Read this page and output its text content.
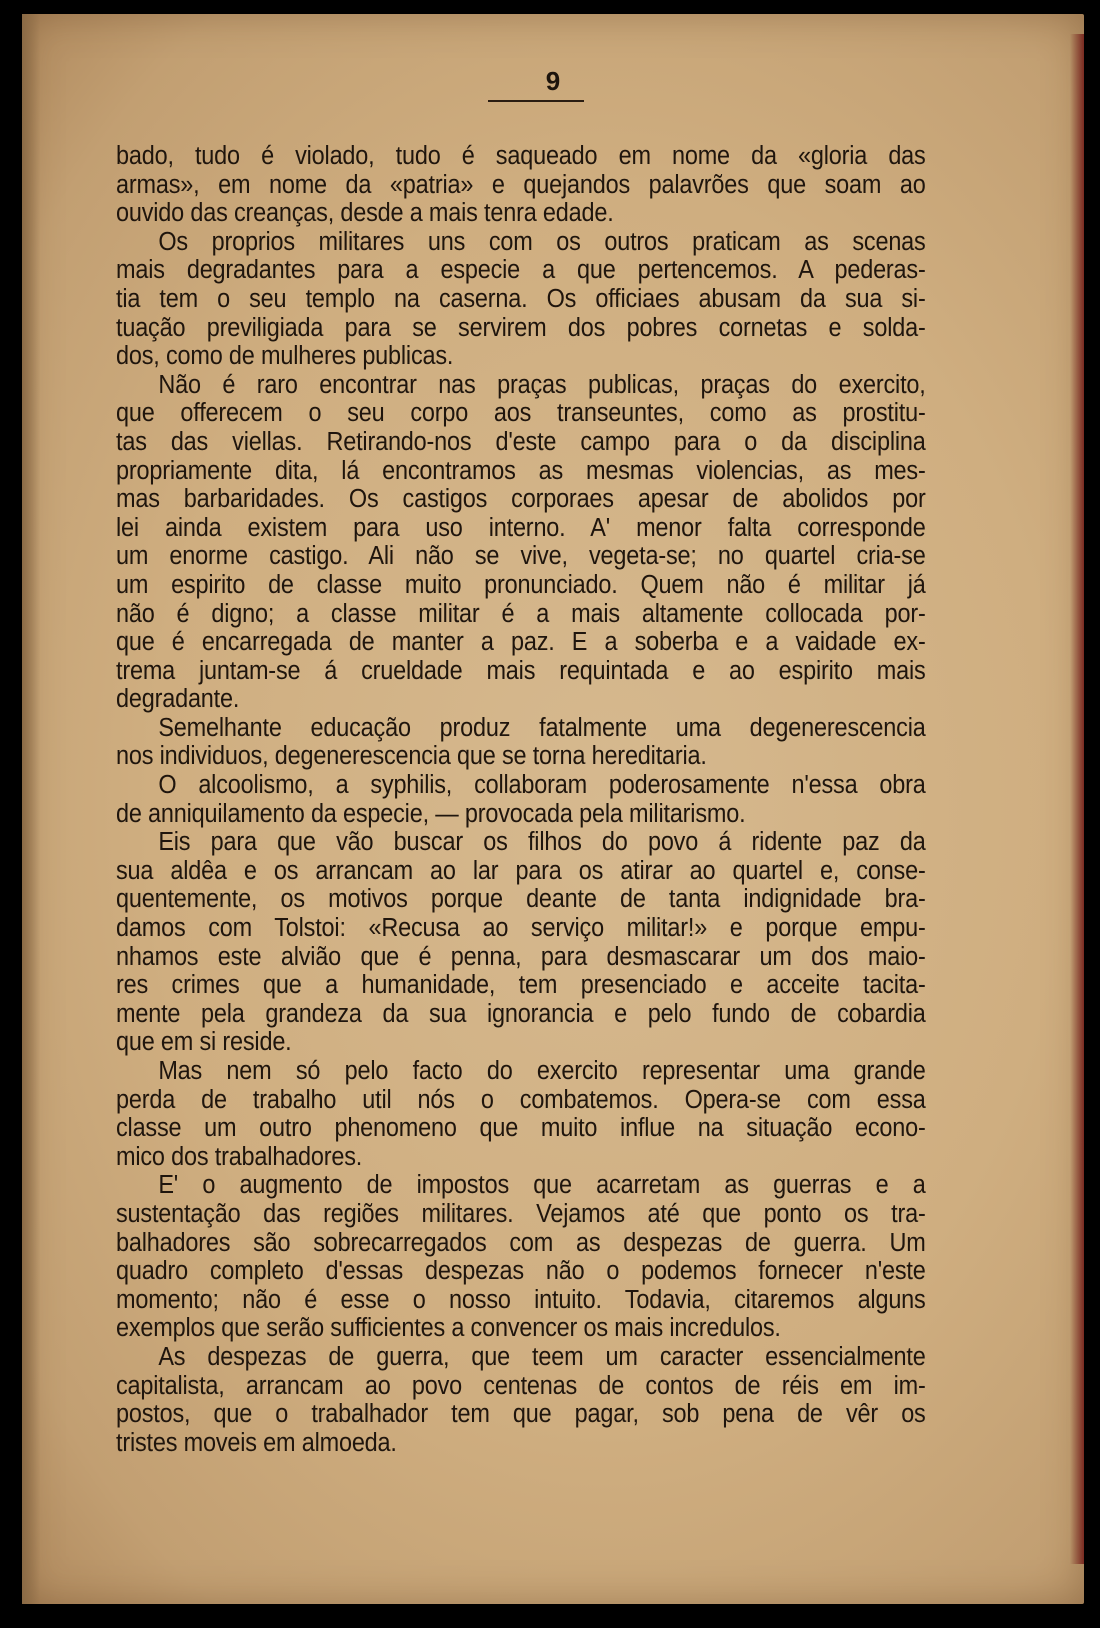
9
bado, tudo é violado, tudo é saqueado em nome da «gloria das
armas», em nome da «patria» e quejandos palavrões que soam ao
ouvido das creanças, desde a mais tenra edade.
Os proprios militares uns com os outros praticam as scenas
mais degradantes para a especie a que pertencemos. A pederas-
tia tem o seu templo na caserna. Os officiaes abusam da sua si-
tuação previligiada para se servirem dos pobres cornetas e solda-
dos, como de mulheres publicas.
Não é raro encontrar nas praças publicas, praças do exercito,
que offerecem o seu corpo aos transeuntes, como as prostitu-
tas das viellas. Retirando-nos d'este campo para o da disciplina
propriamente dita, lá encontramos as mesmas violencias, as mes-
mas barbaridades. Os castigos corporaes apesar de abolidos por
lei ainda existem para uso interno. A' menor falta corresponde
um enorme castigo. Ali não se vive, vegeta-se; no quartel cria-se
um espirito de classe muito pronunciado. Quem não é militar já
não é digno; a classe militar é a mais altamente collocada por-
que é encarregada de manter a paz. E a soberba e a vaidade ex-
trema juntam-se á crueldade mais requintada e ao espirito mais
degradante.
Semelhante educação produz fatalmente uma degenerescencia
nos individuos, degenerescencia que se torna hereditaria.
O alcoolismo, a syphilis, collaboram poderosamente n'essa obra
de anniquilamento da especie, — provocada pela militarismo.
Eis para que vão buscar os filhos do povo á ridente paz da
sua aldêa e os arrancam ao lar para os atirar ao quartel e, conse-
quentemente, os motivos porque deante de tanta indignidade bra-
damos com Tolstoi: «Recusa ao serviço militar!» e porque empu-
nhamos este alvião que é penna, para desmascarar um dos maio-
res crimes que a humanidade, tem presenciado e acceite tacita-
mente pela grandeza da sua ignorancia e pelo fundo de cobardia
que em si reside.
Mas nem só pelo facto do exercito representar uma grande
perda de trabalho util nós o combatemos. Opera-se com essa
classe um outro phenomeno que muito influe na situação econo-
mico dos trabalhadores.
E' o augmento de impostos que acarretam as guerras e a
sustentação das regiões militares. Vejamos até que ponto os tra-
balhadores são sobrecarregados com as despezas de guerra. Um
quadro completo d'essas despezas não o podemos fornecer n'este
momento; não é esse o nosso intuito. Todavia, citaremos alguns
exemplos que serão sufficientes a convencer os mais incredulos.
As despezas de guerra, que teem um caracter essencialmente
capitalista, arrancam ao povo centenas de contos de réis em im-
postos, que o trabalhador tem que pagar, sob pena de vêr os
tristes moveis em almoeda.
